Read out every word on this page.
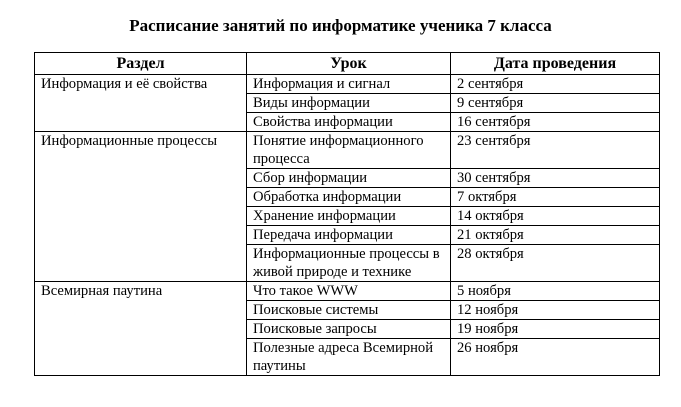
Расписание занятий по информатике ученика 7 класса
Раздел	Урок	Дата проведения
Информация и её свойства	Информация и сигнал	2 сентября
	Виды информации	9 сентября
	Свойства информации	16 сентября
Информационные процессы	Понятие информационного процесса	23 сентября
	Сбор информации	30 сентября
	Обработка информации	7 октября
	Хранение информации	14 октября
	Передача информации	21 октября
	Информационные процессы в живой природе и технике	28 октября
Всемирная паутина	Что такое WWW	5 ноября
	Поисковые системы	12 ноября
	Поисковые запросы	19 ноября
	Полезные адреса Всемирной паутины	26 ноября
